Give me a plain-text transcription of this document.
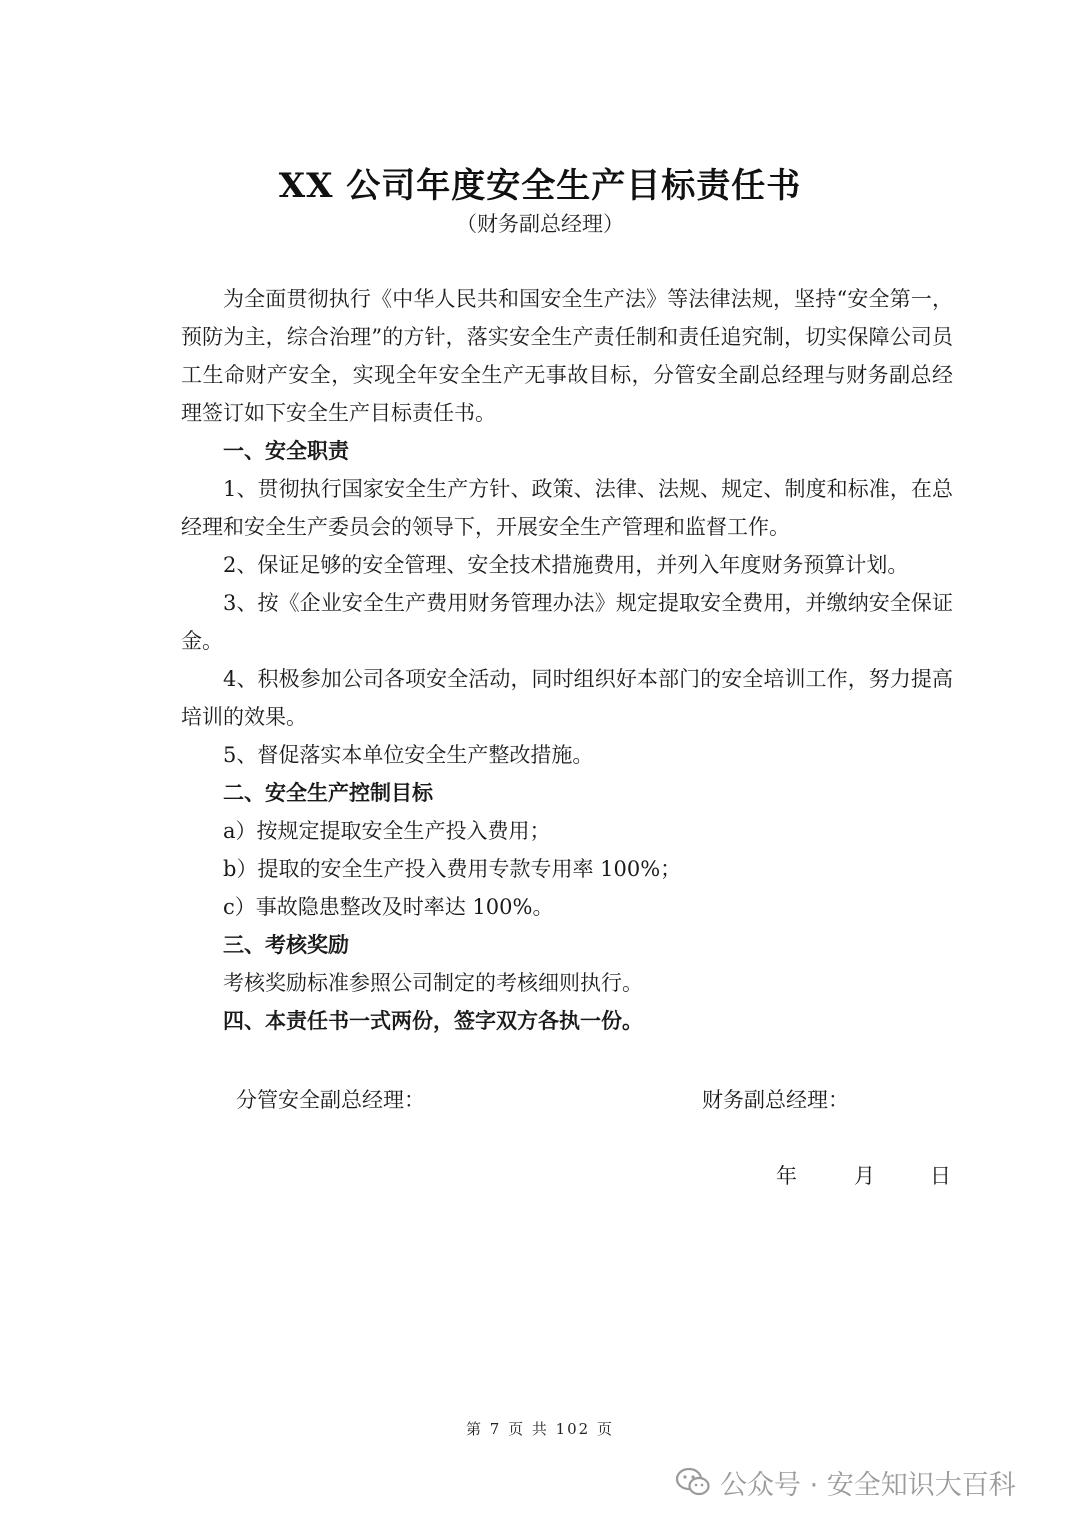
XX 公司年度安全生产目标责任书
（财务副总经理）

为全面贯彻执行《中华人民共和国安全生产法》等法律法规，坚持“安全第一，预防为主，综合治理”的方针，落实安全生产责任制和责任追究制，切实保障公司员工生命财产安全，实现全年安全生产无事故目标，分管安全副总经理与财务副总经理签订如下安全生产目标责任书。

一、安全职责

1、贯彻执行国家安全生产方针、政策、法律、法规、规定、制度和标准，在总经理和安全生产委员会的领导下，开展安全生产管理和监督工作。

2、保证足够的安全管理、安全技术措施费用，并列入年度财务预算计划。

3、按《企业安全生产费用财务管理办法》规定提取安全费用，并缴纳安全保证金。

4、积极参加公司各项安全活动，同时组织好本部门的安全培训工作，努力提高培训的效果。

5、督促落实本单位安全生产整改措施。

二、安全生产控制目标

a）按规定提取安全生产投入费用；

b）提取的安全生产投入费用专款专用率 100%；

c）事故隐患整改及时率达 100%。

三、考核奖励

考核奖励标准参照公司制定的考核细则执行。

四、本责任书一式两份，签字双方各执一份。

分管安全副总经理：	财务副总经理：
年	月	日
第 7 页 共 102 页
公众号 · 安全知识大百科
